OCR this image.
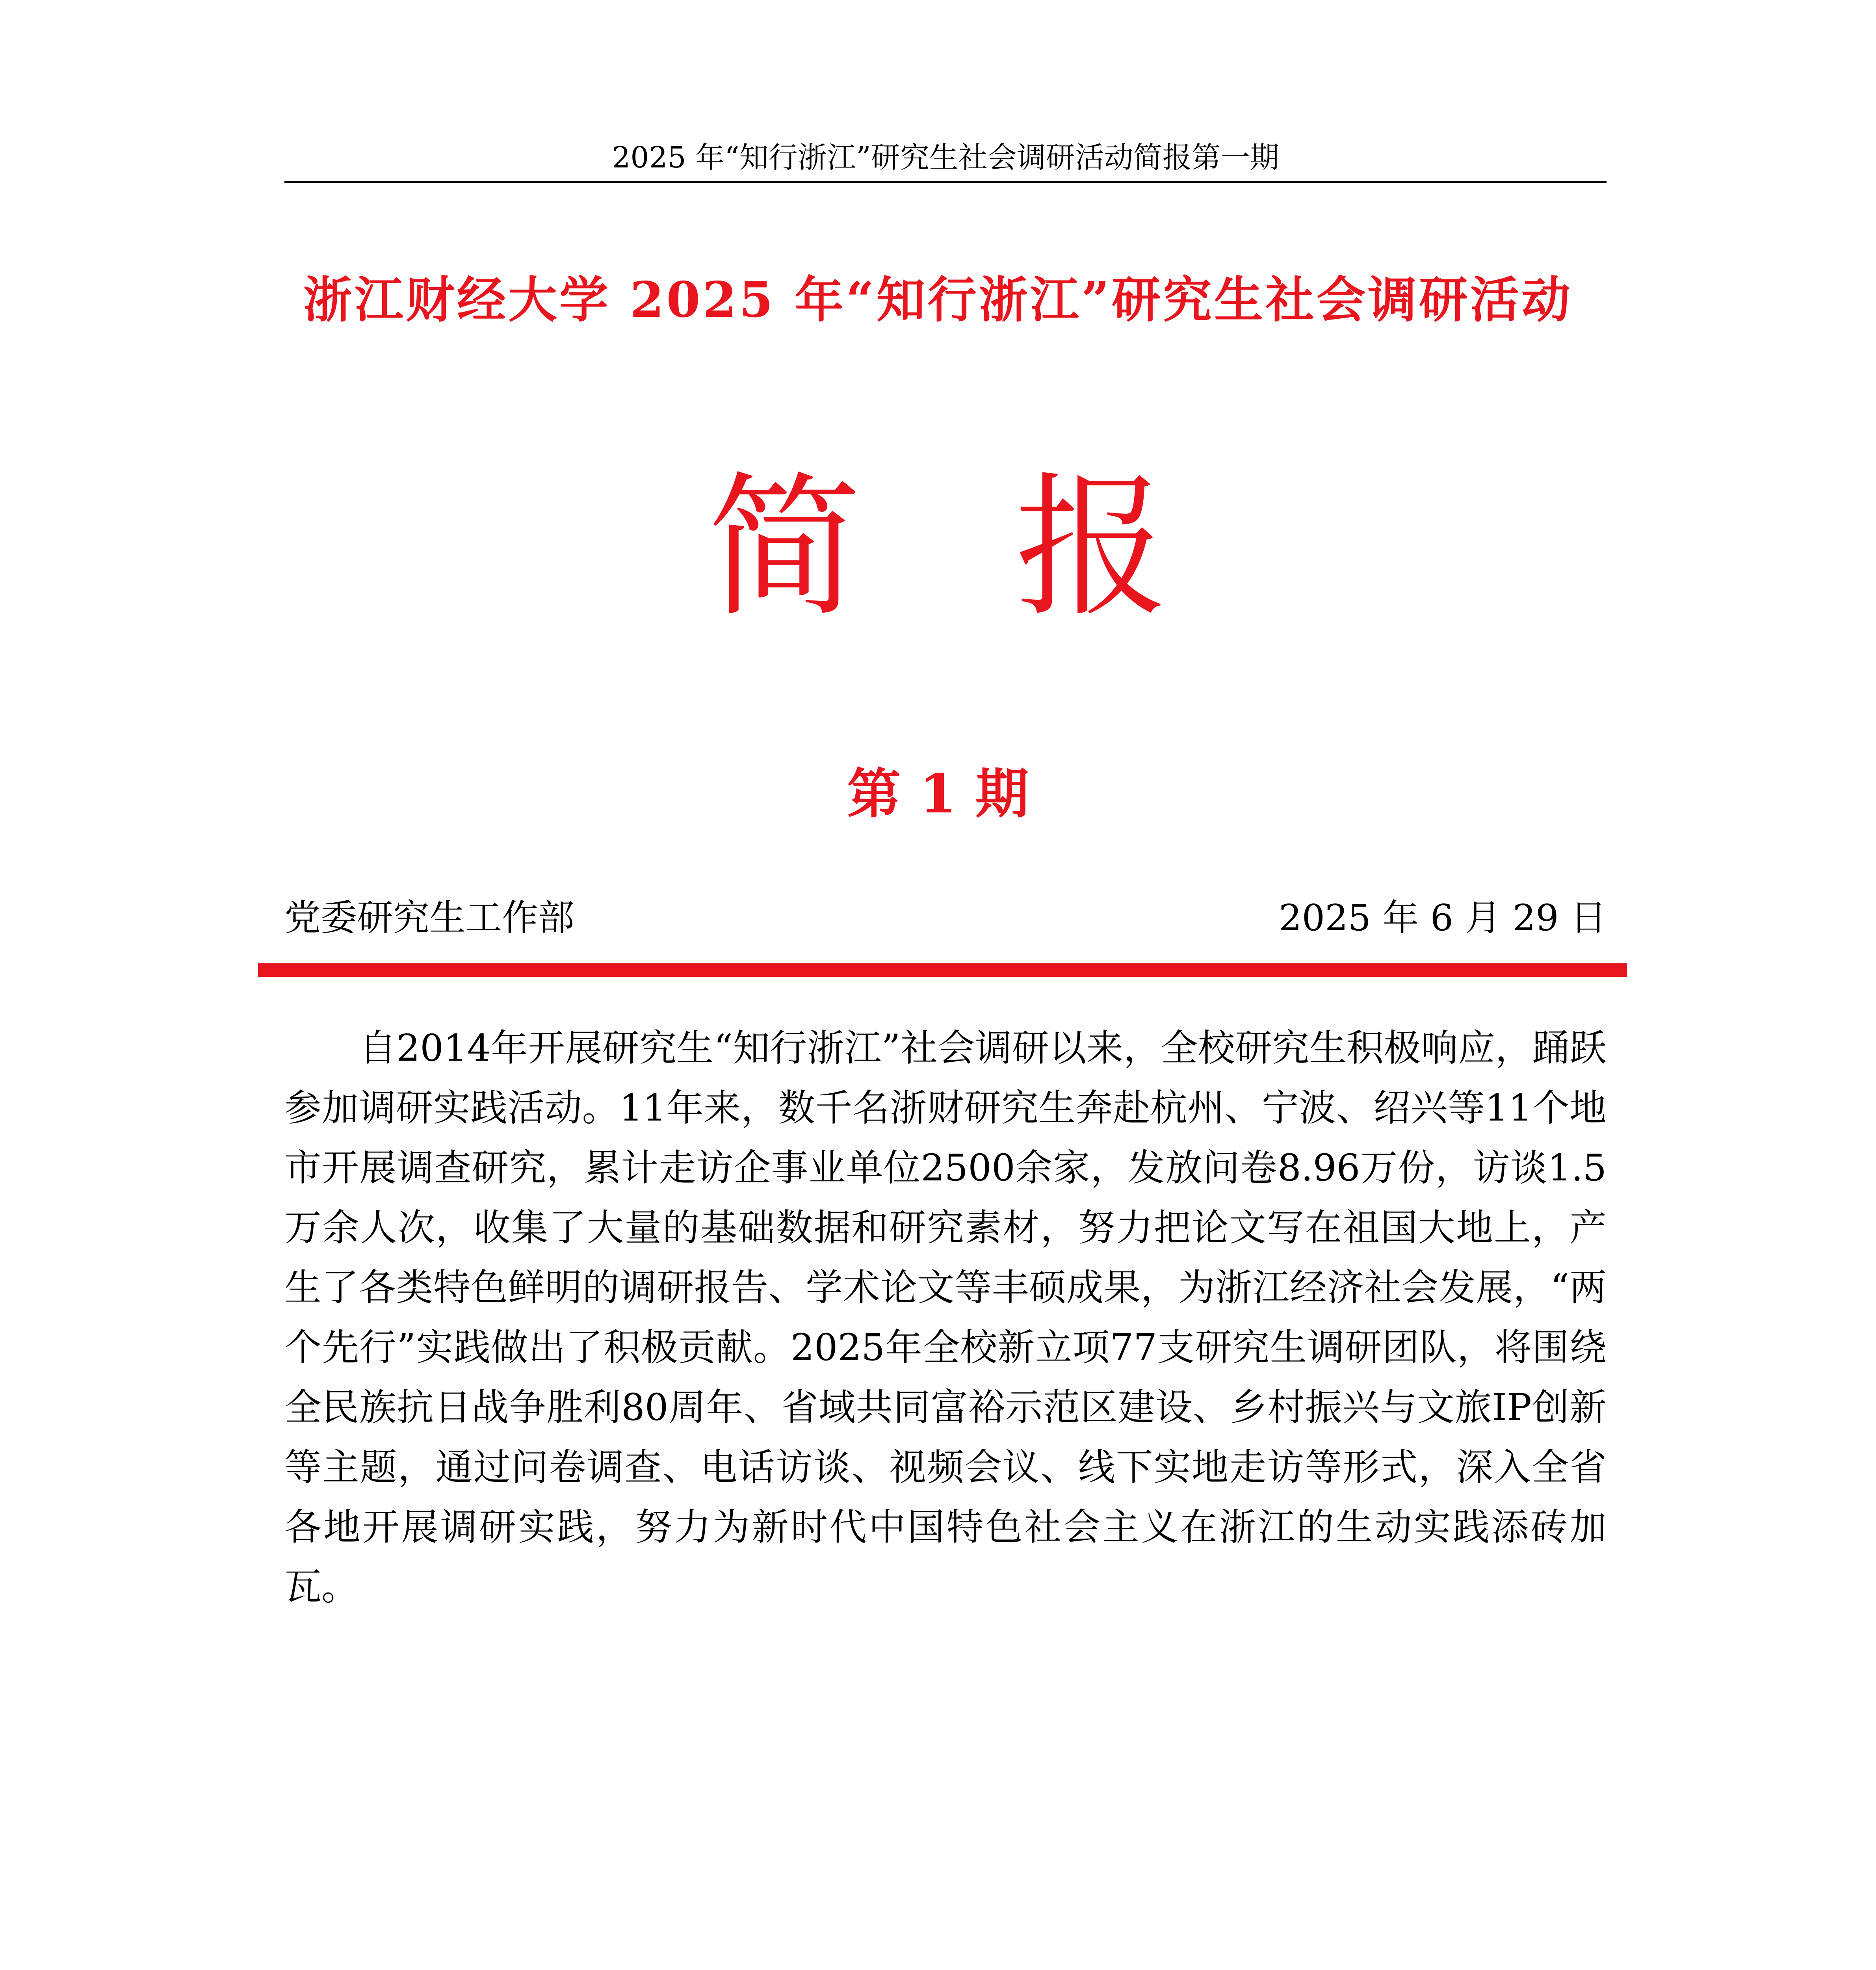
2025 年“知行浙江”研究生社会调研活动简报第一期
浙江财经大学 2025 年“知行浙江”研究生社会调研活动
简　报
第 1 期
党委研究生工作部	2025 年 6 月 29 日

自2014年开展研究生“知行浙江”社会调研以来，全校研究生积极响应，踊跃参加调研实践活动。11年来，数千名浙财研究生奔赴杭州、宁波、绍兴等11个地市开展调查研究，累计走访企事业单位2500余家，发放问卷8.96万份，访谈1.5万余人次，收集了大量的基础数据和研究素材，努力把论文写在祖国大地上，产生了各类特色鲜明的调研报告、学术论文等丰硕成果，为浙江经济社会发展，“两个先行”实践做出了积极贡献。2025年全校新立项77支研究生调研团队，将围绕全民族抗日战争胜利80周年、省域共同富裕示范区建设、乡村振兴与文旅IP创新等主题，通过问卷调查、电话访谈、视频会议、线下实地走访等形式，深入全省各地开展调研实践，努力为新时代中国特色社会主义在浙江的生动实践添砖加瓦。
